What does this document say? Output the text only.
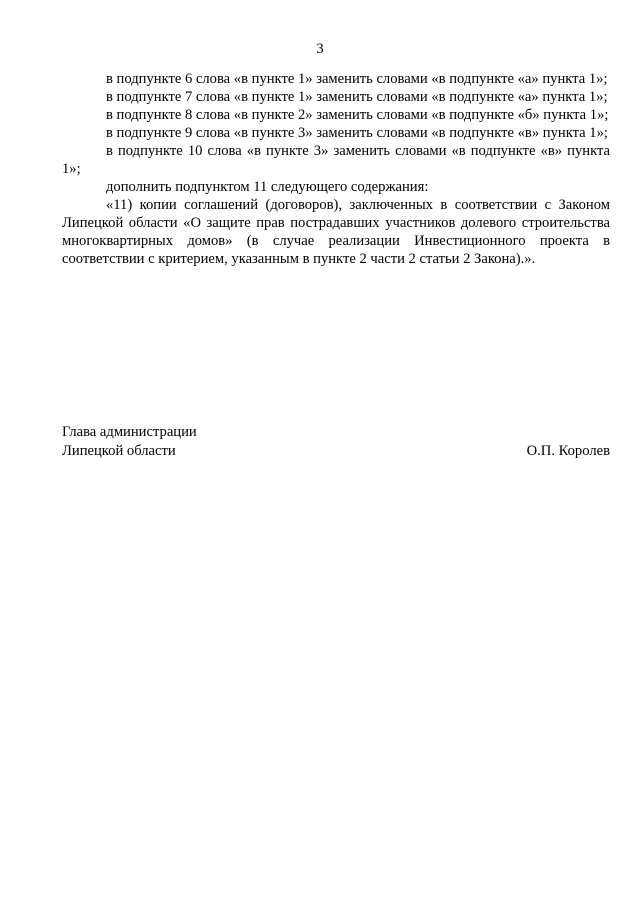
3

в подпункте 6 слова «в пункте 1» заменить словами «в подпункте «а» пункта 1»;

в подпункте 7 слова «в пункте 1» заменить словами «в подпункте «а» пункта 1»;

в подпункте 8 слова «в пункте 2» заменить словами «в подпункте «б» пункта 1»;

в подпункте 9 слова «в пункте 3» заменить словами «в подпункте «в» пункта 1»;

в подпункте 10 слова «в пункте 3» заменить словами «в подпункте «в» пункта 1»;

дополнить подпунктом 11 следующего содержания:

«11) копии соглашений (договоров), заключенных в соответствии с Законом Липецкой области «О защите прав пострадавших участников долевого строительства многоквартирных домов» (в случае реализации Инвестиционного проекта в соответствии с критерием, указанным в пункте 2 части 2 статьи 2 Закона).».

Глава администрации
Липецкой области	О.П. Королев
